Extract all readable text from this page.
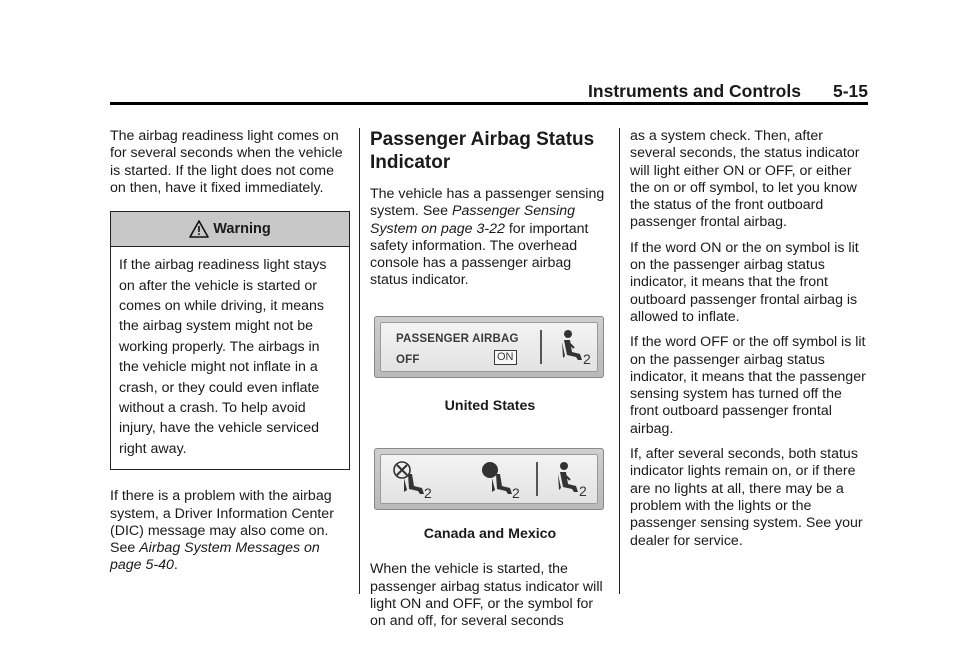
Instruments and Controls 5-15

The airbag readiness light comes on for several seconds when the vehicle is started. If the light does not come on then, have it fixed immediately.

Warning
If the airbag readiness light stays on after the vehicle is started or comes on while driving, it means the airbag system might not be working properly. The airbags in the vehicle might not inflate in a crash, or they could even inflate without a crash. To help avoid injury, have the vehicle serviced right away.

If there is a problem with the airbag system, a Driver Information Center (DIC) message may also come on. See Airbag System Messages on page 5-40.

Passenger Airbag Status Indicator

The vehicle has a passenger sensing system. See Passenger Sensing System on page 3-22 for important safety information. The overhead console has a passenger airbag status indicator.

PASSENGER AIRBAG
OFF	ON	2
United States
2	2	2
Canada and Mexico

When the vehicle is started, the passenger airbag status indicator will light ON and OFF, or the symbol for on and off, for several seconds

as a system check. Then, after several seconds, the status indicator will light either ON or OFF, or either the on or off symbol, to let you know the status of the front outboard passenger frontal airbag.

If the word ON or the on symbol is lit on the passenger airbag status indicator, it means that the front outboard passenger frontal airbag is allowed to inflate.

If the word OFF or the off symbol is lit on the passenger airbag status indicator, it means that the passenger sensing system has turned off the front outboard passenger frontal airbag.

If, after several seconds, both status indicator lights remain on, or if there are no lights at all, there may be a problem with the lights or the passenger sensing system. See your dealer for service.
